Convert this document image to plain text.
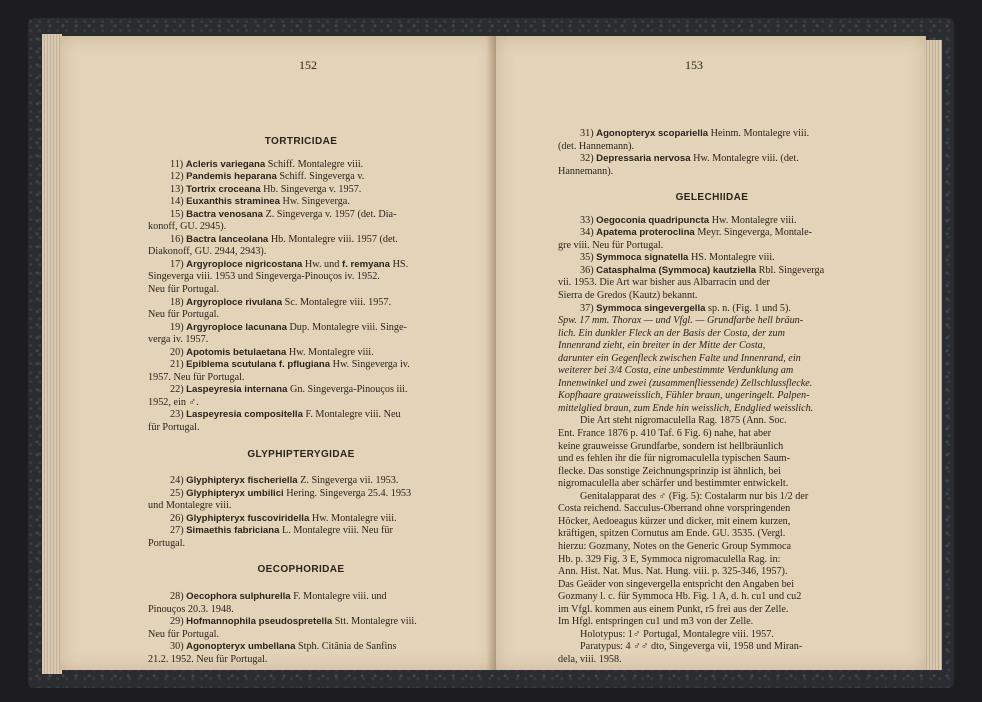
152

TORTRICIDAE

11) Acleris variegana Schiff. Montalegre viii.

12) Pandemis heparana Schiff. Singeverga v.

13) Tortrix croceana Hb. Singeverga v. 1957.

14) Euxanthis straminea Hw. Singeverga.

15) Bactra venosana Z. Singeverga v. 1957 (det. Dia-

konoff, GU. 2945).

16) Bactra lanceolana Hb. Montalegre viii. 1957 (det.

Diakonoff, GU. 2944, 2943).

17) Argyroploce nigricostana Hw. und f. remyana HS.

Singeverga viii. 1953 und Singeverga-Pinouços iv. 1952.

Neu für Portugal.

18) Argyroploce rivulana Sc. Montalegre viii. 1957.

Neu für Portugal.

19) Argyroploce lacunana Dup. Montalegre viii. Singe-

verga iv. 1957.

20) Apotomis betulaetana Hw. Montalegre viii.

21) Epiblema scutulana f. pflugiana Hw. Singeverga iv.

1957. Neu für Portugal.

22) Laspeyresia internana Gn. Singeverga-Pinouços iii.

1952, ein ♂.

23) Laspeyresia compositella F. Montalegre viii. Neu

für Portugal.

GLYPHIPTERYGIDAE

24) Glyphipteryx fischeriella Z. Singeverga vii. 1953.

25) Glyphipteryx umbilici Hering. Singeverga 25.4. 1953

und Montalegre viii.

26) Glyphipteryx fuscoviridella Hw. Montalegre viii.

27) Simaethis fabriciana L. Montalegre viii. Neu für

Portugal.

OECOPHORIDAE

28) Oecophora sulphurella F. Montalegre viii. und

Pinouços 20.3. 1948.

29) Hofmannophila pseudospretella Stt. Montalegre viii.

Neu für Portugal.

30) Agonopteryx umbellana Stph. Citânia de Sanfins

21.2. 1952. Neu für Portugal.

153

31) Agonopteryx scopariella Heinm. Montalegre viii.

(det. Hannemann).

32) Depressaria nervosa Hw. Montalegre viii. (det.

Hannemann).

GELECHIIDAE

33) Oegoconia quadripuncta Hw. Montalegre viii.

34) Apatema proteroclina Meyr. Singeverga, Montale-

gre viii. Neu für Portugal.

35) Symmoca signatella HS. Montalegre viii.

36) Catasphalma (Symmoca) kautziella Rbl. Singeverga

vii. 1953. Die Art war bisher aus Albarracin und der

Sierra de Gredos (Kautz) bekannt.

37) Symmoca singevergella sp. n. (Fig. 1 und 5).

Spw. 17 mm. Thorax — und Vfgl. — Grundfarbe hell bräun-

lich. Ein dunkler Fleck an der Basis der Costa, der zum

Innenrand zieht, ein breiter in der Mitte der Costa,

darunter ein Gegenfleck zwischen Falte und Innenrand, ein

weiterer bei 3/4 Costa, eine unbestimmte Verdunklung am

Innenwinkel und zwei (zusammenfliessende) Zellschlussflecke.

Kopfhaare grauweisslich, Fühler braun, ungeringelt. Palpen-

mittelglied braun, zum Ende hin weisslich, Endglied weisslich.

Die Art steht nigromaculella Rag. 1875 (Ann. Soc.

Ent. France 1876 p. 410 Taf. 6 Fig. 6) nahe, hat aber

keine grauweisse Grundfarbe, sondern ist hellbräunlich

und es fehlen ihr die für nigromaculella typischen Saum-

flecke. Das sonstige Zeichnungsprinzip ist ähnlich, bei

nigromaculella aber schärfer und bestimmter entwickelt.

Genitalapparat des ♂ (Fig. 5): Costalarm nur bis 1/2 der

Costa reichend. Sacculus-Oberrand ohne vorspringenden

Höcker, Aedoeagus kürzer und dicker, mit einem kurzen,

kräftigen, spitzen Cornutus am Ende. GU. 3535. (Vergl.

hierzu: Gozmany, Notes on the Generic Group Symmoca

Hb. p. 329 Fig. 3 E, Symmoca nigromaculella Rag. in:

Ann. Hist. Nat. Mus. Nat. Hung. viii. p. 325-346, 1957).

Das Geäder von singevergella entspricht den Angaben bei

Gozmany l. c. für Symmoca Hb. Fig. 1 A, d. h. cu1 und cu2

im Vfgl. kommen aus einem Punkt, r5 frei aus der Zelle.

Im Hfgl. entspringen cu1 und m3 von der Zelle.

Holotypus: 1♂ Portugal, Montalegre viii. 1957.

Paratypus: 4 ♂♂ dto, Singeverga vii, 1958 und Miran-

dela, viii. 1958.
